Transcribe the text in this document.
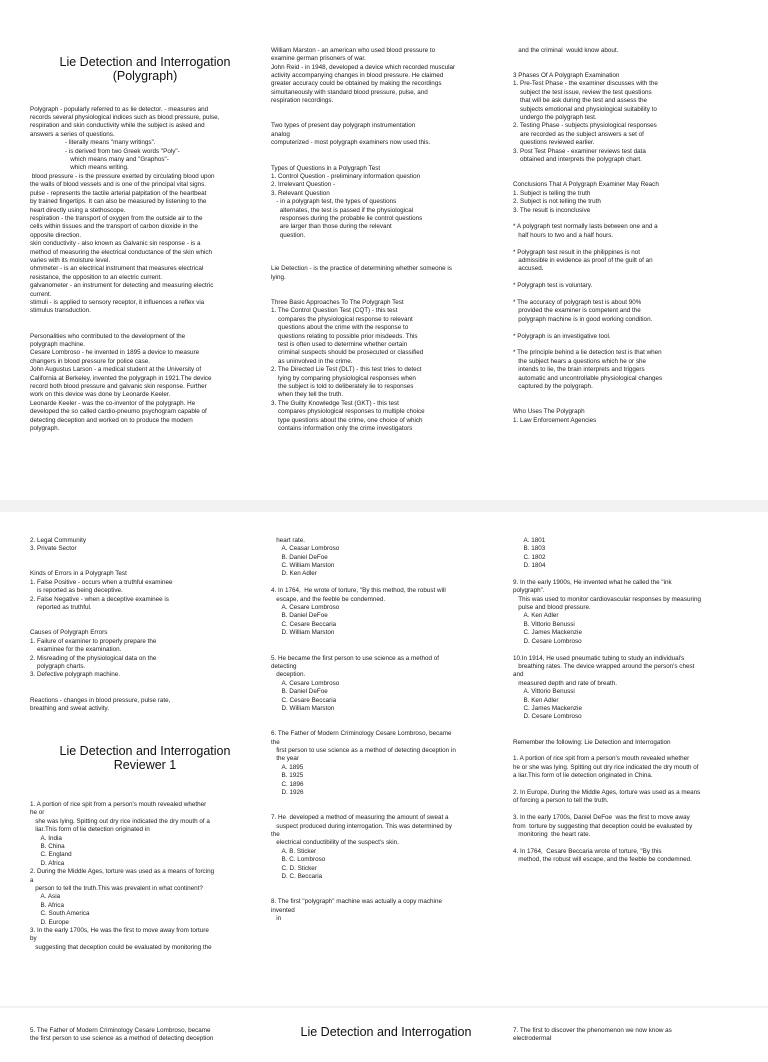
Lie Detection and Interrogation
(Polygraph)

Polygraph - popularly referred to as lie detector. - measures and
records several physiological indices such as blood pressure, pulse,
respiration and skin conductivity while the subject is asked and
answers a series of questions.
- literally means "many writings".
- is derived from two Greek words "Poly"-
which means many and "Graphos"-
which means writing.
blood pressure - is the pressure exerted by circulating blood upon
the walls of blood vessels and is one of the principal vital signs.
pulse - represents the tactile arterial palpitation of the heartbeat
by trained fingertips. It can also be measured by listening to the
heart directly using a stethoscope.
respiration - the transport of oxygen from the outside air to the
cells within tissues and the transport of carbon dioxide in the
opposite direction.
skin conductivity - also known as Galvanic sin response - is a
method of measuring the electrical conductance of the skin which
varies with its moisture level.
ohmmeter - is an electrical instrument that measures electrical
resistance, the opposition to an electric current.
galvanometer - an instrument for detecting and measuring electric
current.
stimuli - is applied to sensory receptor, it influences a reflex via
stimulus transduction.

Personalities who contributed to the development of the
polygraph machine.
Cesare Lombroso - he invented in 1895 a device to measure
changers in blood pressure for police case.
John Augustus Larson - a medical student at the University of
California at Berkeley, invented the polygraph in 1921.The device
record both blood pressure and galvanic skin response. Further
work on this device was done by Leonarde Keeler.
Leonarde Keeler - was the co-inventor of the polygraph. He
developed the so called cardio-pneumo psychogram capable of
detecting deception and worked on to produce the modern
polygraph.

William Marston - an american who used blood pressure to
examine german prisoners of war.
John Reid - in 1948, developed a device which recorded muscular
activity accompanying changes in blood pressure. He claimed
greater accuracy could be obtained by making the recordings
simultaneously with standard blood pressure, pulse, and
respiration recordings.

Two types of present day polygraph instrumentation
analog
computerized - most polygraph examiners now used this.

Types of Questions in a Polygraph Test
1. Control Question - preliminary information question
2. Irrelevant Question -
3. Relevant Question
- in a polygraph test, the types of questions
alternates, the test is passed if the physiological
responses during the probable lie control questions
are larger than those during the relevant
question.

Lie Detection - is the practice of determining whether someone is
lying.

Three Basic Approaches To The Polygraph Test
1. The Control Question Test (CQT) - this test
compares the physiological response to relevant
questions about the crime with the response to
questions relating to possible prior misdeeds. This
test is often used to determine whether certain
criminal suspects should be prosecuted or classified
as uninvolved in the crime.
2. The Directed Lie Test (DLT) - this test tries to detect
lying by comparing physiological responses when
the subject is told to deliberately lie to responses
when they tell the truth.
3. The Guilty Knowledge Test (GKT) - this test
compares physiological responses to multiple choice
type questions about the crime, one choice of which
contains information only the crime investigators

and the criminal  would know about.

3 Phases Of A Polygraph Examination
1. Pre-Test Phase - the examiner discusses with the
subject the test issue, review the test questions
that will be ask during the test and assess the
subjects emotional and physiological suitability to
undergo the polygraph test.
2. Testing Phase - subjects physiological responses
are recorded as the subject answers a set of
questions reviewed earlier.
3. Post Test Phase - examiner reviews test data
obtained and interprets the polygraph chart.

Conclusions That A Polygraph Examiner May Reach
1. Subject is telling the truth
2. Subject is not telling the truth
3. The result is inconclusive

* A polygraph test normally lasts between one and a
half hours to two and a half hours.

* Polygraph test result in the philippines is not
admissible in evidence as proof of the guilt of an
accused.

* Polygraph test is voluntary.

* The accuracy of polygraph test is about 90%
provided the examiner is competent and the
polygraph machine is in good working condition.

* Polygraph is an investigative tool.

* The principle behind a lie detection test is that when
the subject hears a questions which he or she
intends to lie, the brain interprets and triggers
automatic and uncontrollable physiological changes
captured by the polygraph.

Who Uses The Polygraph
1. Law Enforcement Agencies

2. Legal Community
3. Private Sector

Kinds of Errors in a Polygraph Test
1. False Positive - occurs when a truthful examinee
is reported as being deceptive.
2. False Negative - when a deceptive examinee is
reported as truthful.

Causes of Polygraph Errors
1. Failure of examiner to properly prepare the
examinee for the examination.
2. Misreading of the physiological data on the
polygraph charts.
3. Defective polygraph machine.

Reactions - changes in blood pressure, pulse rate,
breathing and sweat activity.

Lie Detection and Interrogation
Reviewer 1

1. A portion of rice spit from a person's mouth revealed whether
he or
she was lying. Spitting out dry rice indicated the dry mouth of a
liar.This form of lie detection originated in
A. India
B. China
C. England
D. Africa
2. During the Middle Ages, torture was used as a means of forcing
a
person to tell the truth.This was prevalent in what continent?
A. Asia
B. Africa
C. South America
D. Europe
3. In the early 1700s, He was the first to move away from torture
by
suggesting that deception could be evaluated by monitoring the

heart rate.
A. Ceasar Lombroso
B. Daniel DeFoe
C. William Marston
D. Ken Adler

4. In 1764,  He wrote of torture, "By this method, the robust will
escape, and the feeble be condemned.
A. Cesare Lombroso
B. Daniel DeFoe
C. Cesare Beccaria
D. William Marston

5. He became the first person to use science as a method of
detecting
deception.
A. Cesare Lombroso
B. Daniel DeFoe
C. Cesare Beccaria
D. William Marston

6. The Father of Modern Criminology Cesare Lombroso, became
the
first person to use science as a method of detecting deception in
the year
A. 1895
B. 1925
C. 1896
D. 1926

7. He  developed a method of measuring the amount of sweat a
suspect produced during interrogation. This was determined by
the
electrical conductibility of the suspect's skin.
A. B. Sticker
B. C. Lombroso
C. D. Sticker
D. C. Beccaria

8. The first "polygraph" machine was actually a copy machine
invented
in

A. 1801
B. 1803
C. 1802
D. 1804

9. In the early 1900s, He invented what he called the "ink
polygraph".
This was used to monitor cardiovascular responses by measuring
pulse and blood pressure.
A. Ken Adler
B. Vittorio Benussi
C. James Mackenzie
D. Cesare Lombroso

10.In 1914, He used pneumatic tubing to study an individual's
breathing rates. The device wrapped around the person's chest
and
measured depth and rate of breath.
A. Vittorio Benussi
B. Ken Adler
C. James Mackenzie
D. Cesare Lombroso

Remember the following: Lie Detection and Interrogation

1. A portion of rice spit from a person's mouth revealed whether
he or she was lying. Spitting out dry rice indicated the dry mouth of
a liar.This form of lie detection originated in China.

2. In Europe, During the Middle Ages, torture was used as a means
of forcing a person to tell the truth.

3. In the early 1700s, Daniel DeFoe  was the first to move away
from  torture by suggesting that deception could be evaluated by
monitoring  the heart rate.

4. In 1764,  Cesare Beccaria wrote of torture, "By this
method, the robust will escape, and the feeble be condemned.

5. The Father of Modern Criminology Cesare Lombroso, became
the first person to use science as a method of detecting deception

	Lie Detection and Interrogation

	7. The first to discover the phenomenon we now know as
electrodermal
